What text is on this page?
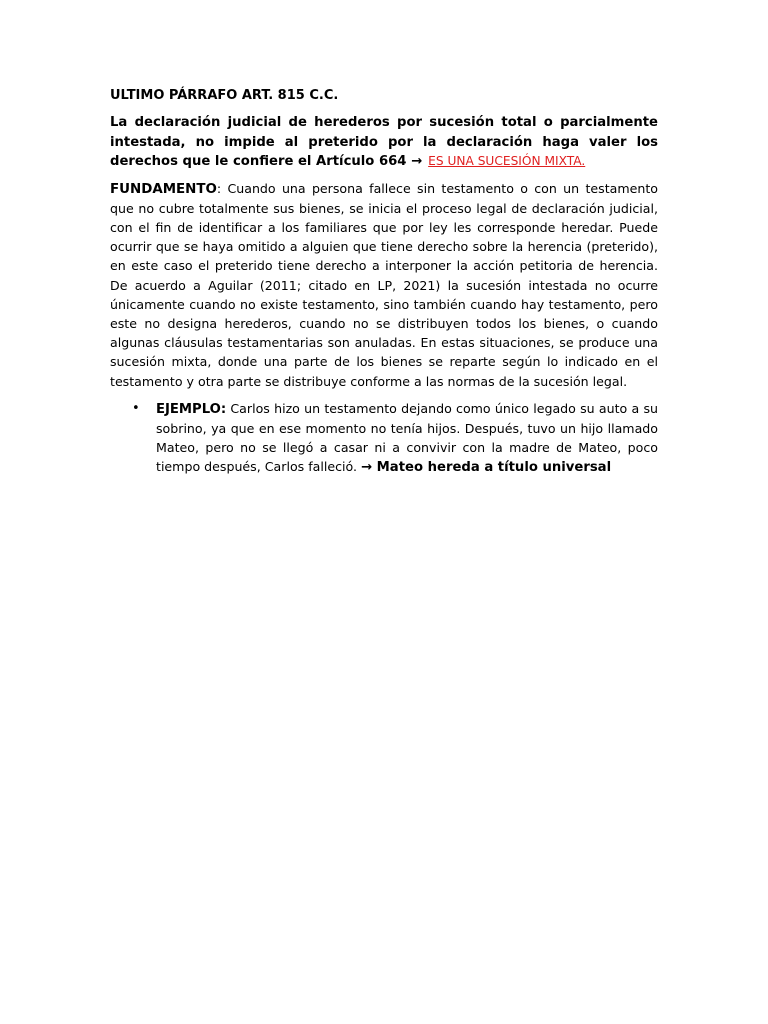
ULTIMO PÁRRAFO ART. 815 C.C.

La declaración judicial de herederos por sucesión total o parcialmente intestada, no impide al preterido por la declaración haga valer los derechos que le confiere el Artículo 664 → ES UNA SUCESIÓN MIXTA.

FUNDAMENTO: Cuando una persona fallece sin testamento o con un testamento que no cubre totalmente sus bienes, se inicia el proceso legal de declaración judicial, con el fin de identificar a los familiares que por ley les corresponde heredar. Puede ocurrir que se haya omitido a alguien que tiene derecho sobre la herencia (preterido), en este caso el preterido tiene derecho a interponer la acción petitoria de herencia. De acuerdo a Aguilar (2011; citado en LP, 2021) la sucesión intestada no ocurre únicamente cuando no existe testamento, sino también cuando hay testamento, pero este no designa herederos, cuando no se distribuyen todos los bienes, o cuando algunas cláusulas testamentarias son anuladas. En estas situaciones, se produce una sucesión mixta, donde una parte de los bienes se reparte según lo indicado en el testamento y otra parte se distribuye conforme a las normas de la sucesión legal.

• EJEMPLO: Carlos hizo un testamento dejando como único legado su auto a su sobrino, ya que en ese momento no tenía hijos. Después, tuvo un hijo llamado Mateo, pero no se llegó a casar ni a convivir con la madre de Mateo, poco tiempo después, Carlos falleció. → Mateo hereda a título universal
